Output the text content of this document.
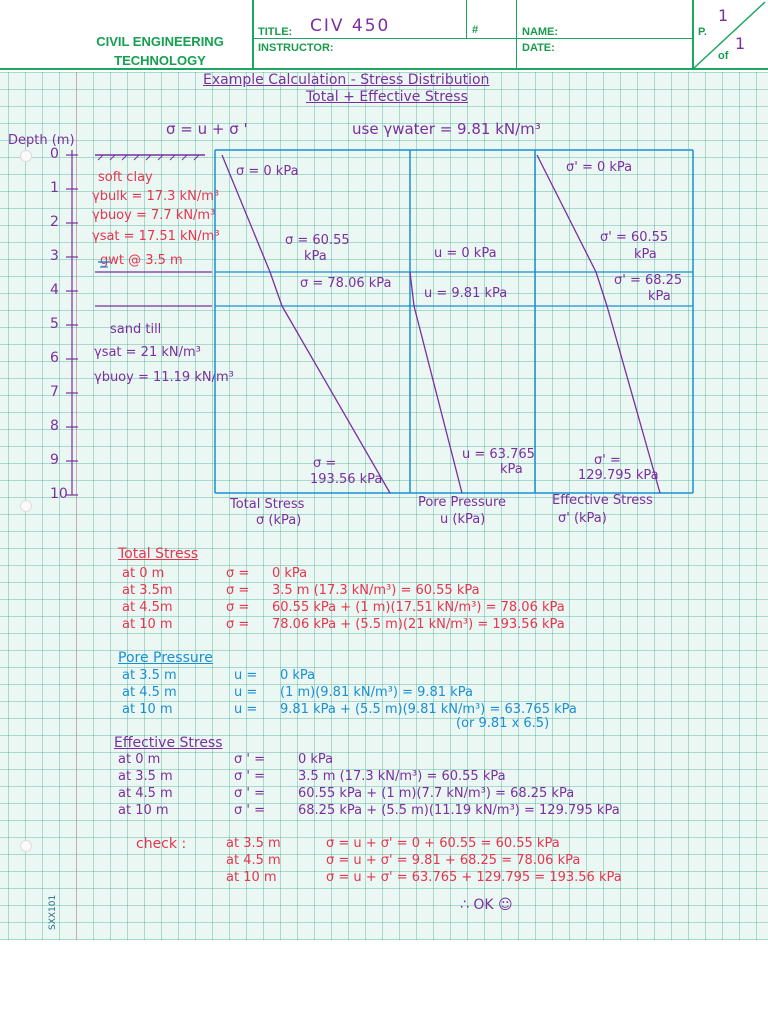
CIVIL ENGINEERING TECHNOLOGY
TITLE: CIV 450
INSTRUCTOR:
#	NAME:
DATE:
P.
1
of
1
Example Calculation - Stress Distribution
Total + Effective Stress
σ = u + σ '	use γwater = 9.81 kN/m³
Depth (m)
0
1
2
3
4
5
6
7
8
9
10
soft clay
γbulk = 17.3 kN/m³
γbuoy = 7.7 kN/m³
γsat = 17.51 kN/m³
gwt @ 3.5 m
sand till
γsat = 21 kN/m³
γbuoy = 11.19 kN/m³
σ = 0 kPa
σ = 60.55
kPa
σ = 78.06 kPa
σ =
193.56 kPa
u = 0 kPa
u = 9.81 kPa
u = 63.765
kPa
σ' = 0 kPa
σ' = 60.55
kPa
σ' = 68.25
kPa
σ' =
129.795 kPa
Total Stress
σ (kPa)
Pore Pressure
u (kPa)
Effective Stress
σ' (kPa)
Total Stress
at 0 m	σ = 0 kPa
at 3.5m	σ = 3.5 m (17.3 kN/m³) = 60.55 kPa
at 4.5m	σ = 60.55 kPa + (1 m)(17.51 kN/m³) = 78.06 kPa
at 10 m	σ = 78.06 kPa + (5.5 m)(21 kN/m³) = 193.56 kPa
Pore Pressure
at 3.5 m	u = 0 kPa
at 4.5 m	u = (1 m)(9.81 kN/m³) = 9.81 kPa
at 10 m	u = 9.81 kPa + (5.5 m)(9.81 kN/m³) = 63.765 kPa
(or 9.81 x 6.5)
Effective Stress
at 0 m	σ ' =	0 kPa
at 3.5 m	σ ' =	3.5 m (17.3 kN/m³) = 60.55 kPa
at 4.5 m	σ ' =	60.55 kPa + (1 m)(7.7 kN/m³) = 68.25 kPa
at 10 m	σ ' =	68.25 kPa + (5.5 m)(11.19 kN/m³) = 129.795 kPa
check :	at 3.5 m	σ = u + σ' = 0 + 60.55 = 60.55 kPa
at 4.5 m	σ = u + σ' = 9.81 + 68.25 = 78.06 kPa
at 10 m	σ = u + σ' = 63.765 + 129.795 = 193.56 kPa
∴ OK ☺
SXX101
